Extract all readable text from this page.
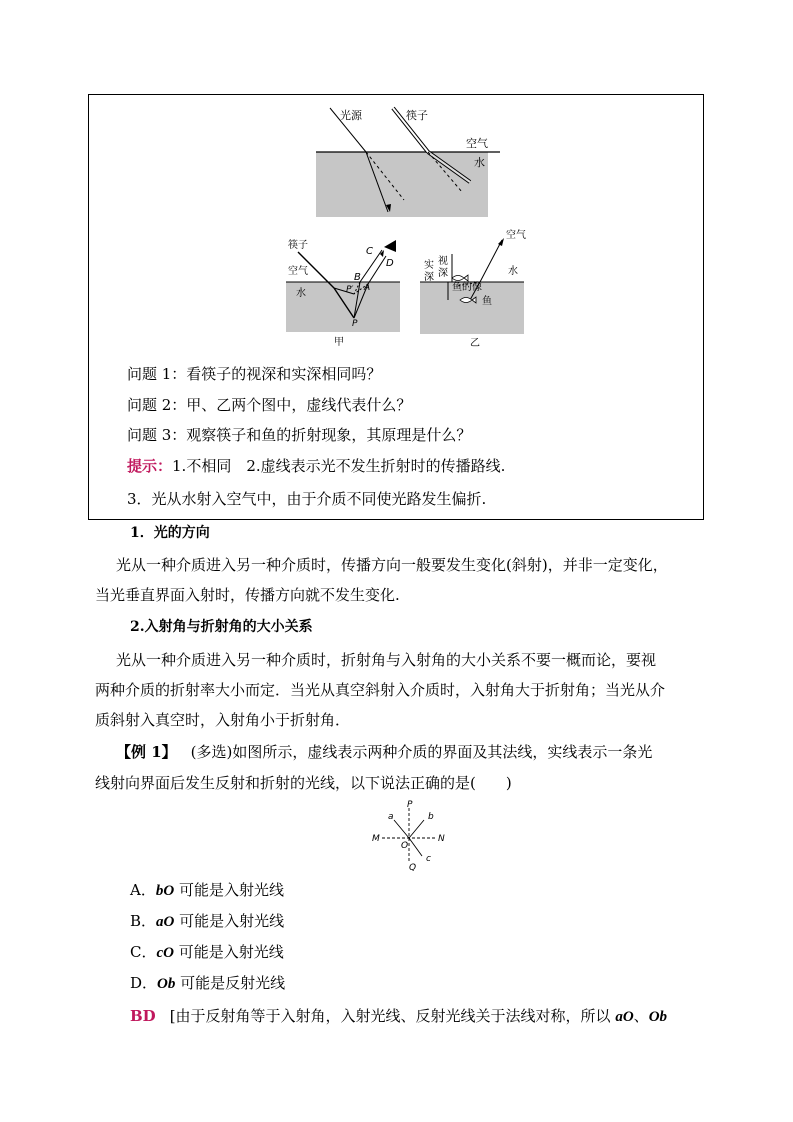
光源	筷子
空气
水
筷子
空气
水
C
D
B
A
P′
P
甲
空气
水
实深
视深
鱼的像
鱼
乙
问题 1：看筷子的视深和实深相同吗？
问题 2：甲、乙两个图中，虚线代表什么？
问题 3：观察筷子和鱼的折射现象，其原理是什么？
提示：1.不相同　2.虚线表示光不发生折射时的传播路线.
3．光从水射入空气中，由于介质不同使光路发生偏折.
1．光的方向
光从一种介质进入另一种介质时，传播方向一般要发生变化(斜射)，并非一定变化，
当光垂直界面入射时，传播方向就不发生变化.
2.入射角与折射角的大小关系
光从一种介质进入另一种介质时，折射角与入射角的大小关系不要一概而论，要视
两种介质的折射率大小而定．当光从真空斜射入介质时，入射角大于折射角；当光从介
质斜射入真空时，入射角小于折射角．
【例 1】 (多选)如图所示，虚线表示两种介质的界面及其法线，实线表示一条光
线射向界面后发生反射和折射的光线，以下说法正确的是(　　)
P
a	b
M	N
O
c
Q
A．bO 可能是入射光线
B．aO 可能是入射光线
C．cO 可能是入射光线
D．Ob 可能是反射光线
BD [由于反射角等于入射角，入射光线、反射光线关于法线对称，所以 aO、Ob
